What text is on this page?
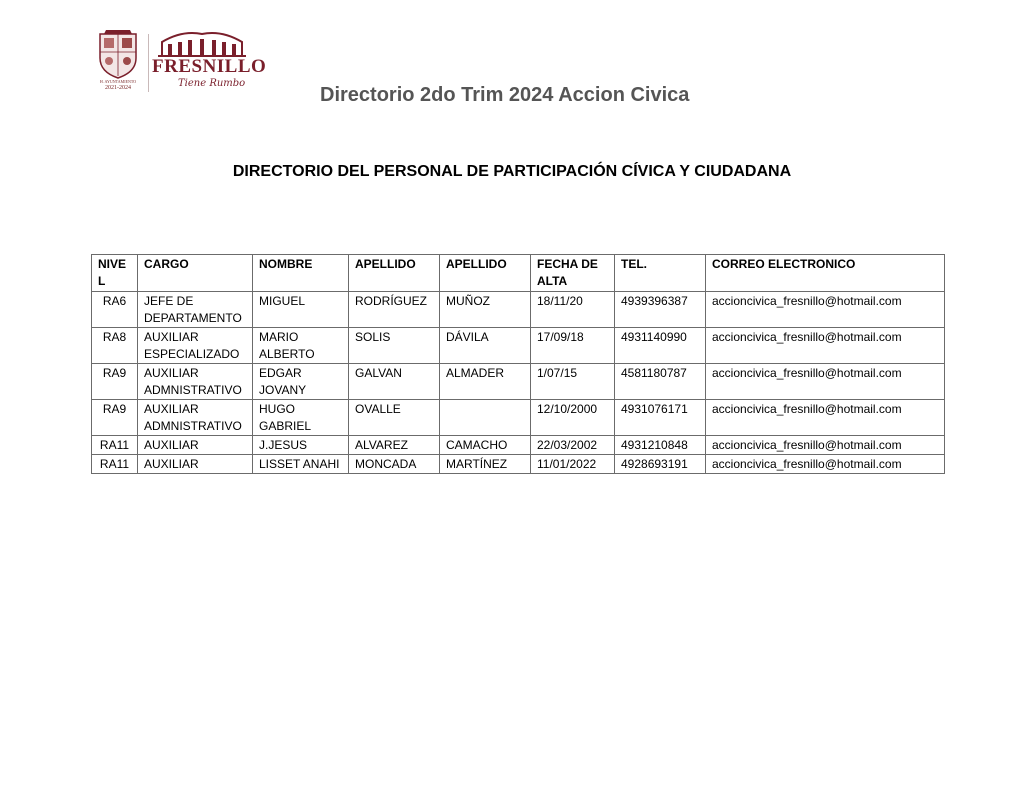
H. AYUNTAMIENTO
2021-2024
FRESNILLO
Tiene Rumbo
Directorio 2do Trim 2024 Accion Civica
DIRECTORIO DEL PERSONAL DE PARTICIPACIÓN CÍVICA Y CIUDADANA
NIVEL	CARGO	NOMBRE	APELLIDO	APELLIDO	FECHA DE ALTA	TEL.	CORREO ELECTRONICO
RA6	JEFE DE DEPARTAMENTO	MIGUEL	RODRÍGUEZ	MUÑOZ	18/11/20	4939396387	accioncivica_fresnillo@hotmail.com
RA8	AUXILIAR ESPECIALIZADO	MARIO ALBERTO	SOLIS	DÁVILA	17/09/18	4931140990	accioncivica_fresnillo@hotmail.com
RA9	AUXILIAR ADMNISTRATIVO	EDGAR JOVANY	GALVAN	ALMADER	1/07/15	4581180787	accioncivica_fresnillo@hotmail.com
RA9	AUXILIAR ADMNISTRATIVO	HUGO GABRIEL	OVALLE		12/10/2000	4931076171	accioncivica_fresnillo@hotmail.com
RA11	AUXILIAR	J.JESUS	ALVAREZ	CAMACHO	22/03/2002	4931210848	accioncivica_fresnillo@hotmail.com
RA11	AUXILIAR	LISSET ANAHI	MONCADA	MARTÍNEZ	11/01/2022	4928693191	accioncivica_fresnillo@hotmail.com
